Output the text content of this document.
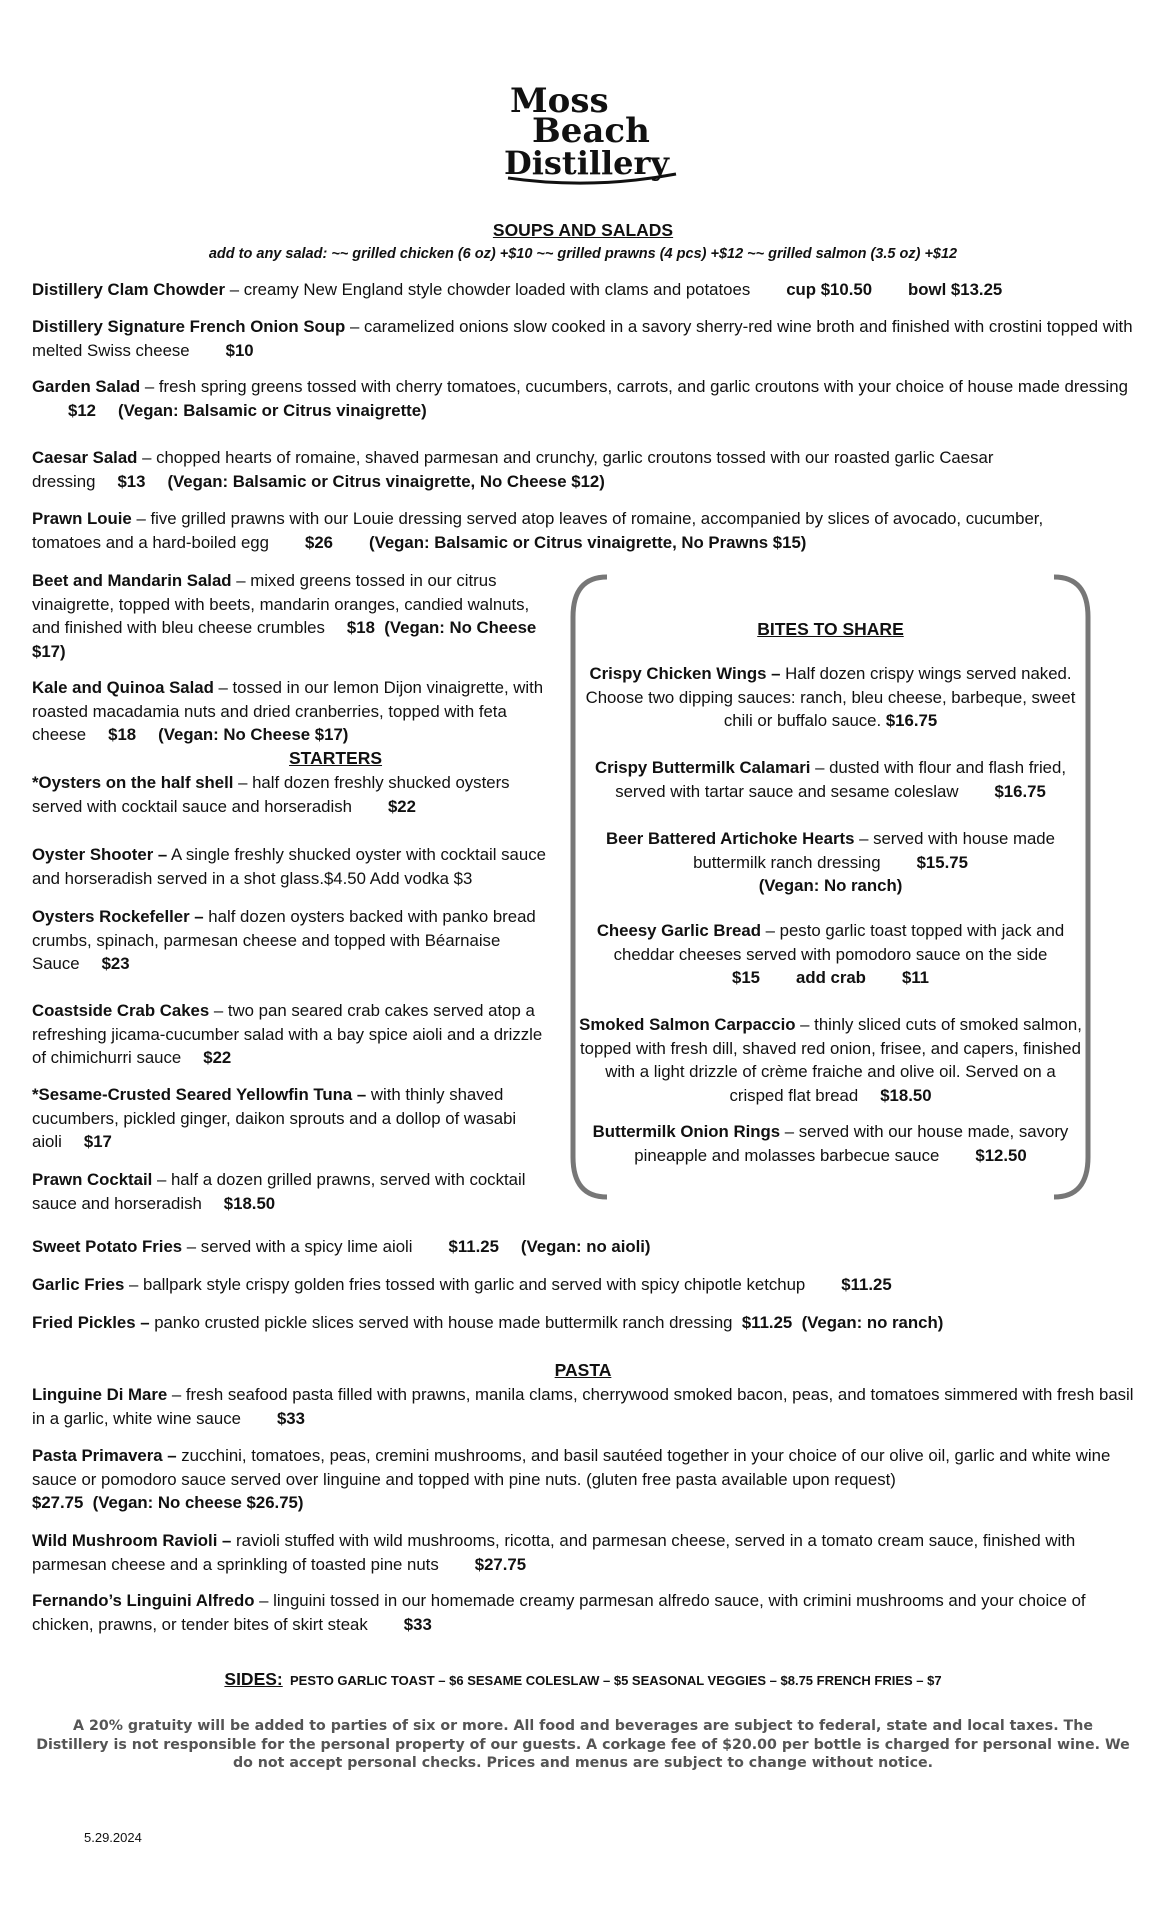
Moss
Beach
Distillery
SOUPS AND SALADS
add to any salad: ~~ grilled chicken (6 oz) +$10 ~~ grilled prawns (4 pcs) +$12 ~~ grilled salmon (3.5 oz) +$12

Distillery Clam Chowder – creamy New England style chowder loaded with clams and potatoes cup $10.50 bowl $13.25

Distillery Signature French Onion Soup – caramelized onions slow cooked in a savory sherry-red wine broth and finished with crostini topped with melted Swiss cheese $10

Garden Salad – fresh spring greens tossed with cherry tomatoes, cucumbers, carrots, and garlic croutons with your choice of house made dressing$12 (Vegan: Balsamic or Citrus vinaigrette)

Caesar Salad – chopped hearts of romaine, shaved parmesan and crunchy, garlic croutons tossed with our roasted garlic Caesar dressing $13 (Vegan: Balsamic or Citrus vinaigrette, No Cheese $12)

Prawn Louie – five grilled prawns with our Louie dressing served atop leaves of romaine, accompanied by slices of avocado, cucumber, tomatoes and a hard-boiled egg $26 (Vegan: Balsamic or Citrus vinaigrette, No Prawns $15)

Beet and Mandarin Salad – mixed greens tossed in our citrus vinaigrette, topped with beets, mandarin oranges, candied walnuts, and finished with bleu cheese crumbles $18 (Vegan: No Cheese $17)

Kale and Quinoa Salad – tossed in our lemon Dijon vinaigrette, with roasted macadamia nuts and dried cranberries, topped with feta cheese $18 (Vegan: No Cheese $17)

STARTERS

*Oysters on the half shell – half dozen freshly shucked oysters served with cocktail sauce and horseradish $22

Oyster Shooter – A single freshly shucked oyster with cocktail sauce and horseradish served in a shot glass.$4.50 Add vodka $3

Oysters Rockefeller – half dozen oysters backed with panko bread crumbs, spinach, parmesan cheese and topped with Béarnaise Sauce $23

Coastside Crab Cakes – two pan seared crab cakes served atop a refreshing jicama-cucumber salad with a bay spice aioli and a drizzle of chimichurri sauce $22

*Sesame-Crusted Seared Yellowfin Tuna – with thinly shaved cucumbers, pickled ginger, daikon sprouts and a dollop of wasabi aioli $17

Prawn Cocktail – half a dozen grilled prawns, served with cocktail sauce and horseradish $18.50

BITES TO SHARE

Crispy Chicken Wings – Half dozen crispy wings served naked. Choose two dipping sauces: ranch, bleu cheese, barbeque, sweet chili or buffalo sauce. $16.75

Crispy Buttermilk Calamari – dusted with flour and flash fried, served with tartar sauce and sesame coleslaw $16.75

Beer Battered Artichoke Hearts – served with house made buttermilk ranch dressing $15.75
(Vegan: No ranch)

Cheesy Garlic Bread – pesto garlic toast topped with jack and cheddar cheeses served with pomodoro sauce on the side
$15 add crab $11

Smoked Salmon Carpaccio – thinly sliced cuts of smoked salmon, topped with fresh dill, shaved red onion, frisee, and capers, finished with a light drizzle of crème fraiche and olive oil. Served on a crisped flat bread $18.50

Buttermilk Onion Rings – served with our house made, savory pineapple and molasses barbecue sauce $12.50

Sweet Potato Fries – served with a spicy lime aioli $11.25 (Vegan: no aioli)

Garlic Fries – ballpark style crispy golden fries tossed with garlic and served with spicy chipotle ketchup $11.25

Fried Pickles – panko crusted pickle slices served with house made buttermilk ranch dressing $11.25 (Vegan: no ranch)

PASTA

Linguine Di Mare – fresh seafood pasta filled with prawns, manila clams, cherrywood smoked bacon, peas, and tomatoes simmered with fresh basil in a garlic, white wine sauce $33

Pasta Primavera – zucchini, tomatoes, peas, cremini mushrooms, and basil sautéed together in your choice of our olive oil, garlic and white wine sauce or pomodoro sauce served over linguine and topped with pine nuts. (gluten free pasta available upon request)
$27.75 (Vegan: No cheese $26.75)

Wild Mushroom Ravioli – ravioli stuffed with wild mushrooms, ricotta, and parmesan cheese, served in a tomato cream sauce, finished with parmesan cheese and a sprinkling of toasted pine nuts $27.75

Fernando’s Linguini Alfredo – linguini tossed in our homemade creamy parmesan alfredo sauce, with crimini mushrooms and your choice of chicken, prawns, or tender bites of skirt steak $33

SIDES: PESTO GARLIC TOAST – $6 SESAME COLESLAW – $5 SEASONAL VEGGIES – $8.75 FRENCH FRIES – $7
A 20% gratuity will be added to parties of six or more. All food and beverages are subject to federal, state and local taxes. The Distillery is not responsible for the personal property of our guests. A corkage fee of $20.00 per bottle is charged for personal wine. We do not accept personal checks. Prices and menus are subject to change without notice.
5.29.2024
